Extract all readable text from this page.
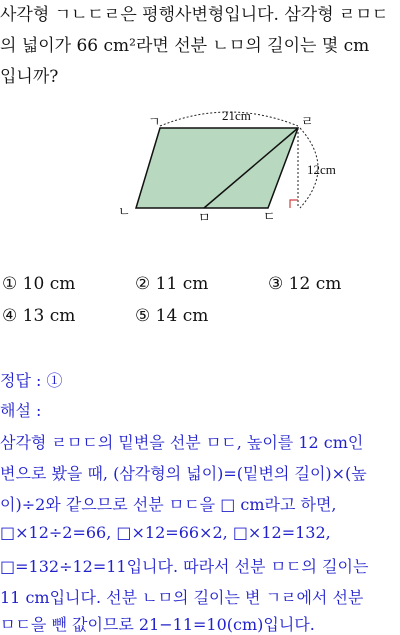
사각형 ㄱㄴㄷㄹ은 평행사변형입니다. 삼각형 ㄹㅁㄷ
의 넓이가 66 cm²라면 선분 ㄴㅁ의 길이는 몇 cm
입니까?
21cm
12cm
ㄱ	ㄹ
ㄴ	ㅁ	ㄷ
① 10 cm	② 11 cm	③ 12 cm
④ 13 cm	⑤ 14 cm
정답 : ①
해설 :
삼각형 ㄹㅁㄷ의 밑변을 선분 ㅁㄷ, 높이를 12 cm인
변으로 봤을 때, (삼각형의 넓이)=(밑변의 길이)×(높
이)÷2와 같으므로 선분 ㅁㄷ을 □ cm라고 하면,
□×12÷2=66, □×12=66×2, □×12=132,
□=132÷12=11입니다. 따라서 선분 ㅁㄷ의 길이는
11 cm입니다. 선분 ㄴㅁ의 길이는 변 ㄱㄹ에서 선분
ㅁㄷ을 뺀 값이므로 21−11=10(cm)입니다.
